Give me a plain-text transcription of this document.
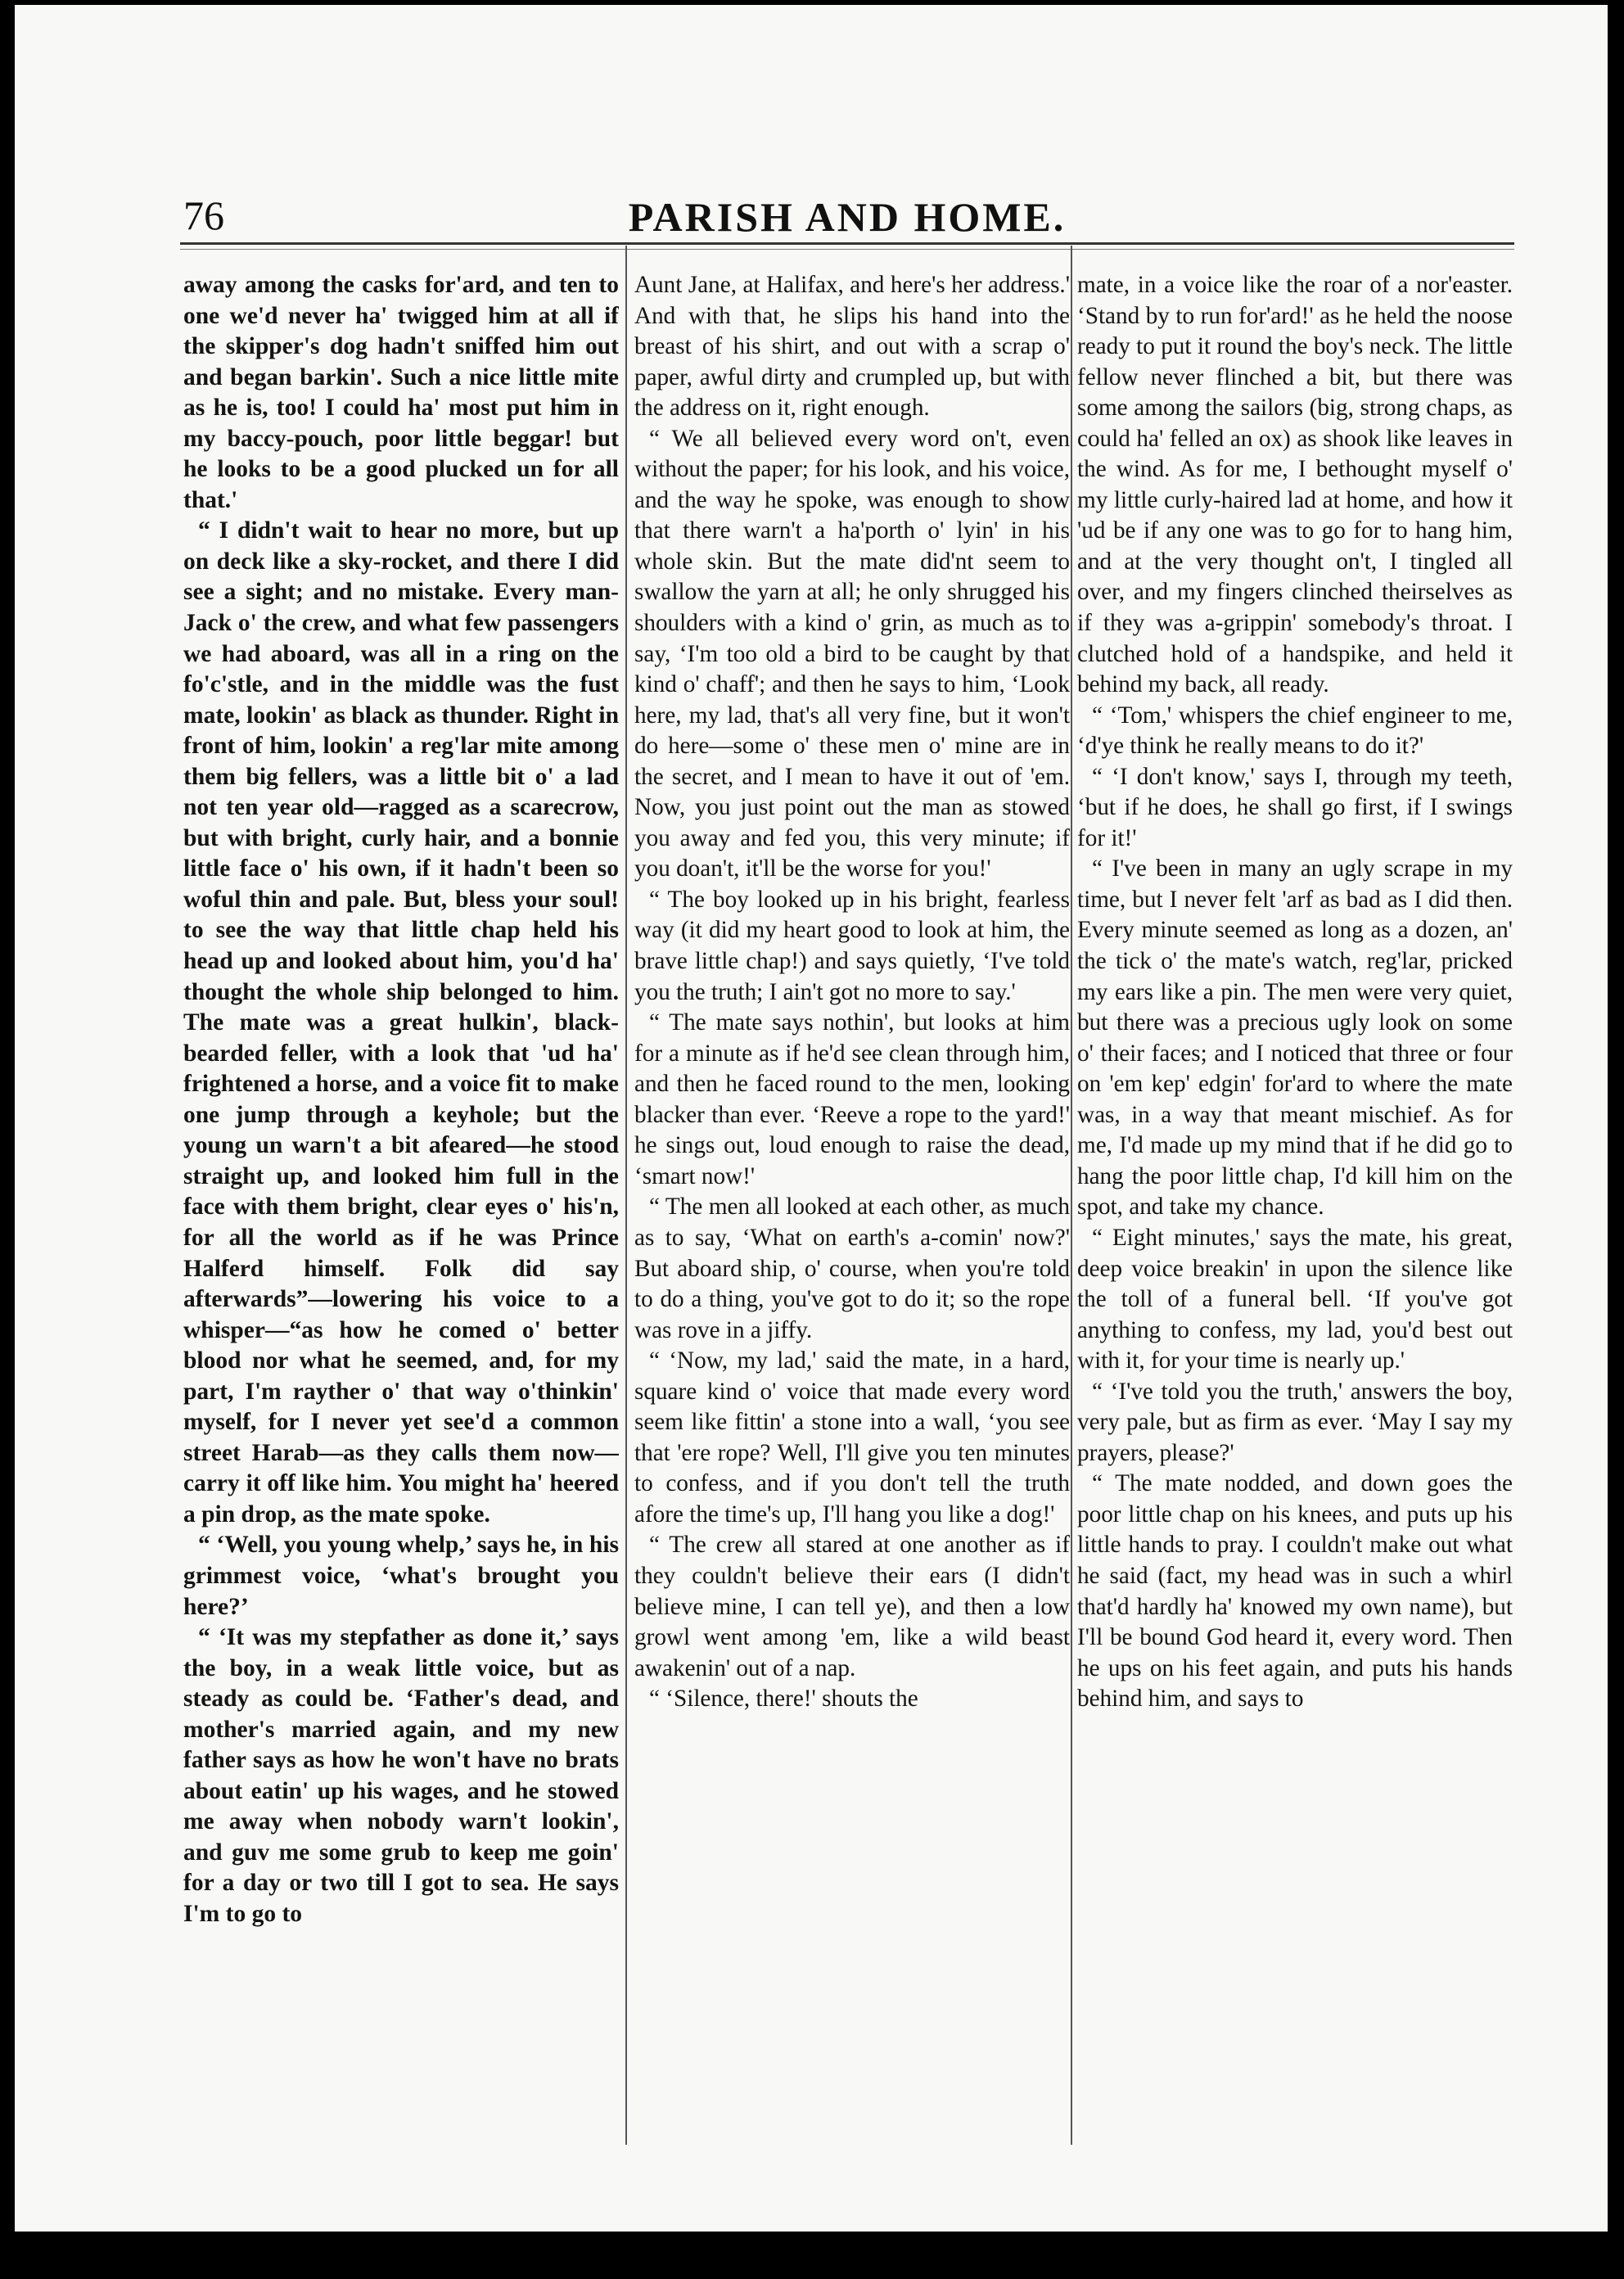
76	PARISH AND HOME.

away among the casks for'ard, and ten to one we'd never ha' twigged him at all if the skipper's dog hadn't sniffed him out and began barkin'. Such a nice little mite as he is, too! I could ha' most put him in my baccy-pouch, poor little beggar! but he looks to be a good plucked un for all that.'

“ I didn't wait to hear no more, but up on deck like a sky-rocket, and there I did see a sight; and no mistake. Every man-Jack o' the crew, and what few passengers we had aboard, was all in a ring on the fo'c'stle, and in the middle was the fust mate, lookin' as black as thunder. Right in front of him, lookin' a reg'lar mite among them big fellers, was a little bit o' a lad not ten year old—ragged as a scarecrow, but with bright, curly hair, and a bonnie little face o' his own, if it hadn't been so woful thin and pale. But, bless your soul! to see the way that little chap held his head up and looked about him, you'd ha' thought the whole ship belonged to him. The mate was a great hulkin', black-bearded feller, with a look that 'ud ha' frightened a horse, and a voice fit to make one jump through a keyhole; but the young un warn't a bit afeared—he stood straight up, and looked him full in the face with them bright, clear eyes o' his'n, for all the world as if he was Prince Halferd himself. Folk did say afterwards”—lowering his voice to a whisper—“as how he comed o' better blood nor what he seemed, and, for my part, I'm rayther o' that way o'thinkin' myself, for I never yet see'd a common street Harab—as they calls them now—carry it off like him. You might ha' heered a pin drop, as the mate spoke.

“ ‘Well, you young whelp,’ says he, in his grimmest voice, ‘what's brought you here?’

“ ‘It was my stepfather as done it,’ says the boy, in a weak little voice, but as steady as could be. ‘Father's dead, and mother's married again, and my new father says as how he won't have no brats about eatin' up his wages, and he stowed me away when nobody warn't lookin', and guv me some grub to keep me goin' for a day or two till I got to sea. He says I'm to go to

Aunt Jane, at Halifax, and here's her address.' And with that, he slips his hand into the breast of his shirt, and out with a scrap o' paper, awful dirty and crumpled up, but with the address on it, right enough.

“ We all believed every word on't, even without the paper; for his look, and his voice, and the way he spoke, was enough to show that there warn't a ha'porth o' lyin' in his whole skin. But the mate did'nt seem to swallow the yarn at all; he only shrugged his shoulders with a kind o' grin, as much as to say, ‘I'm too old a bird to be caught by that kind o' chaff'; and then he says to him, ‘Look here, my lad, that's all very fine, but it won't do here—some o' these men o' mine are in the secret, and I mean to have it out of 'em. Now, you just point out the man as stowed you away and fed you, this very minute; if you doan't, it'll be the worse for you!'

“ The boy looked up in his bright, fearless way (it did my heart good to look at him, the brave little chap!) and says quietly, ‘I've told you the truth; I ain't got no more to say.'

“ The mate says nothin', but looks at him for a minute as if he'd see clean through him, and then he faced round to the men, looking blacker than ever. ‘Reeve a rope to the yard!' he sings out, loud enough to raise the dead, ‘smart now!'

“ The men all looked at each other, as much as to say, ‘What on earth's a-comin' now?' But aboard ship, o' course, when you're told to do a thing, you've got to do it; so the rope was rove in a jiffy.

“ ‘Now, my lad,' said the mate, in a hard, square kind o' voice that made every word seem like fittin' a stone into a wall, ‘you see that 'ere rope? Well, I'll give you ten minutes to confess, and if you don't tell the truth afore the time's up, I'll hang you like a dog!'

“ The crew all stared at one another as if they couldn't believe their ears (I didn't believe mine, I can tell ye), and then a low growl went among 'em, like a wild beast awakenin' out of a nap.

“ ‘Silence, there!' shouts the

mate, in a voice like the roar of a nor'easter. ‘Stand by to run for'ard!' as he held the noose ready to put it round the boy's neck. The little fellow never flinched a bit, but there was some among the sailors (big, strong chaps, as could ha' felled an ox) as shook like leaves in the wind. As for me, I bethought myself o' my little curly-haired lad at home, and how it 'ud be if any one was to go for to hang him, and at the very thought on't, I tingled all over, and my fingers clinched theirselves as if they was a-grippin' somebody's throat. I clutched hold of a handspike, and held it behind my back, all ready.

“ ‘Tom,' whispers the chief engineer to me, ‘d'ye think he really means to do it?'

“ ‘I don't know,' says I, through my teeth, ‘but if he does, he shall go first, if I swings for it!'

“ I've been in many an ugly scrape in my time, but I never felt 'arf as bad as I did then. Every minute seemed as long as a dozen, an' the tick o' the mate's watch, reg'lar, pricked my ears like a pin. The men were very quiet, but there was a precious ugly look on some o' their faces; and I noticed that three or four on 'em kep' edgin' for'ard to where the mate was, in a way that meant mischief. As for me, I'd made up my mind that if he did go to hang the poor little chap, I'd kill him on the spot, and take my chance.

“ Eight minutes,' says the mate, his great, deep voice breakin' in upon the silence like the toll of a funeral bell. ‘If you've got anything to confess, my lad, you'd best out with it, for your time is nearly up.'

“ ‘I've told you the truth,' answers the boy, very pale, but as firm as ever. ‘May I say my prayers, please?'

“ The mate nodded, and down goes the poor little chap on his knees, and puts up his little hands to pray. I couldn't make out what he said (fact, my head was in such a whirl that'd hardly ha' knowed my own name), but I'll be bound God heard it, every word. Then he ups on his feet again, and puts his hands behind him, and says to
